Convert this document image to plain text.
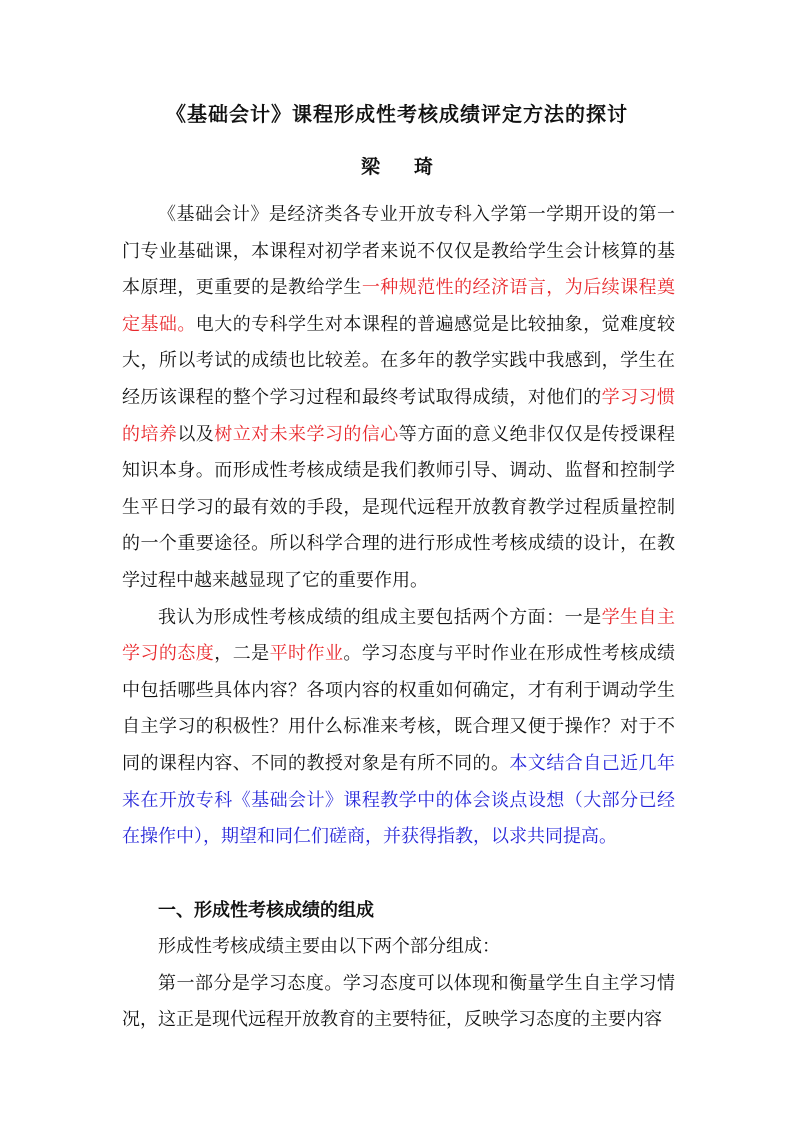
《基础会计》课程形成性考核成绩评定方法的探讨
梁琦

《基础会计》是经济类各专业开放专科入学第一学期开设的第一门专业基础课，本课程对初学者来说不仅仅是教给学生会计核算的基本原理，更重要的是教给学生一种规范性的经济语言，为后续课程奠定基础。电大的专科学生对本课程的普遍感觉是比较抽象，觉难度较大，所以考试的成绩也比较差。在多年的教学实践中我感到，学生在经历该课程的整个学习过程和最终考试取得成绩，对他们的学习习惯的培养以及树立对未来学习的信心等方面的意义绝非仅仅是传授课程知识本身。而形成性考核成绩是我们教师引导、调动、监督和控制学生平日学习的最有效的手段，是现代远程开放教育教学过程质量控制的一个重要途径。所以科学合理的进行形成性考核成绩的设计，在教学过程中越来越显现了它的重要作用。

我认为形成性考核成绩的组成主要包括两个方面：一是学生自主学习的态度，二是平时作业。学习态度与平时作业在形成性考核成绩中包括哪些具体内容？各项内容的权重如何确定，才有利于调动学生自主学习的积极性？用什么标准来考核，既合理又便于操作？对于不同的课程内容、不同的教授对象是有所不同的。本文结合自己近几年来在开放专科《基础会计》课程教学中的体会谈点设想（大部分已经在操作中），期望和同仁们磋商，并获得指教，以求共同提高。

一、形成性考核成绩的组成

形成性考核成绩主要由以下两个部分组成：

第一部分是学习态度。学习态度可以体现和衡量学生自主学习情况，这正是现代远程开放教育的主要特征，反映学习态度的主要内容
